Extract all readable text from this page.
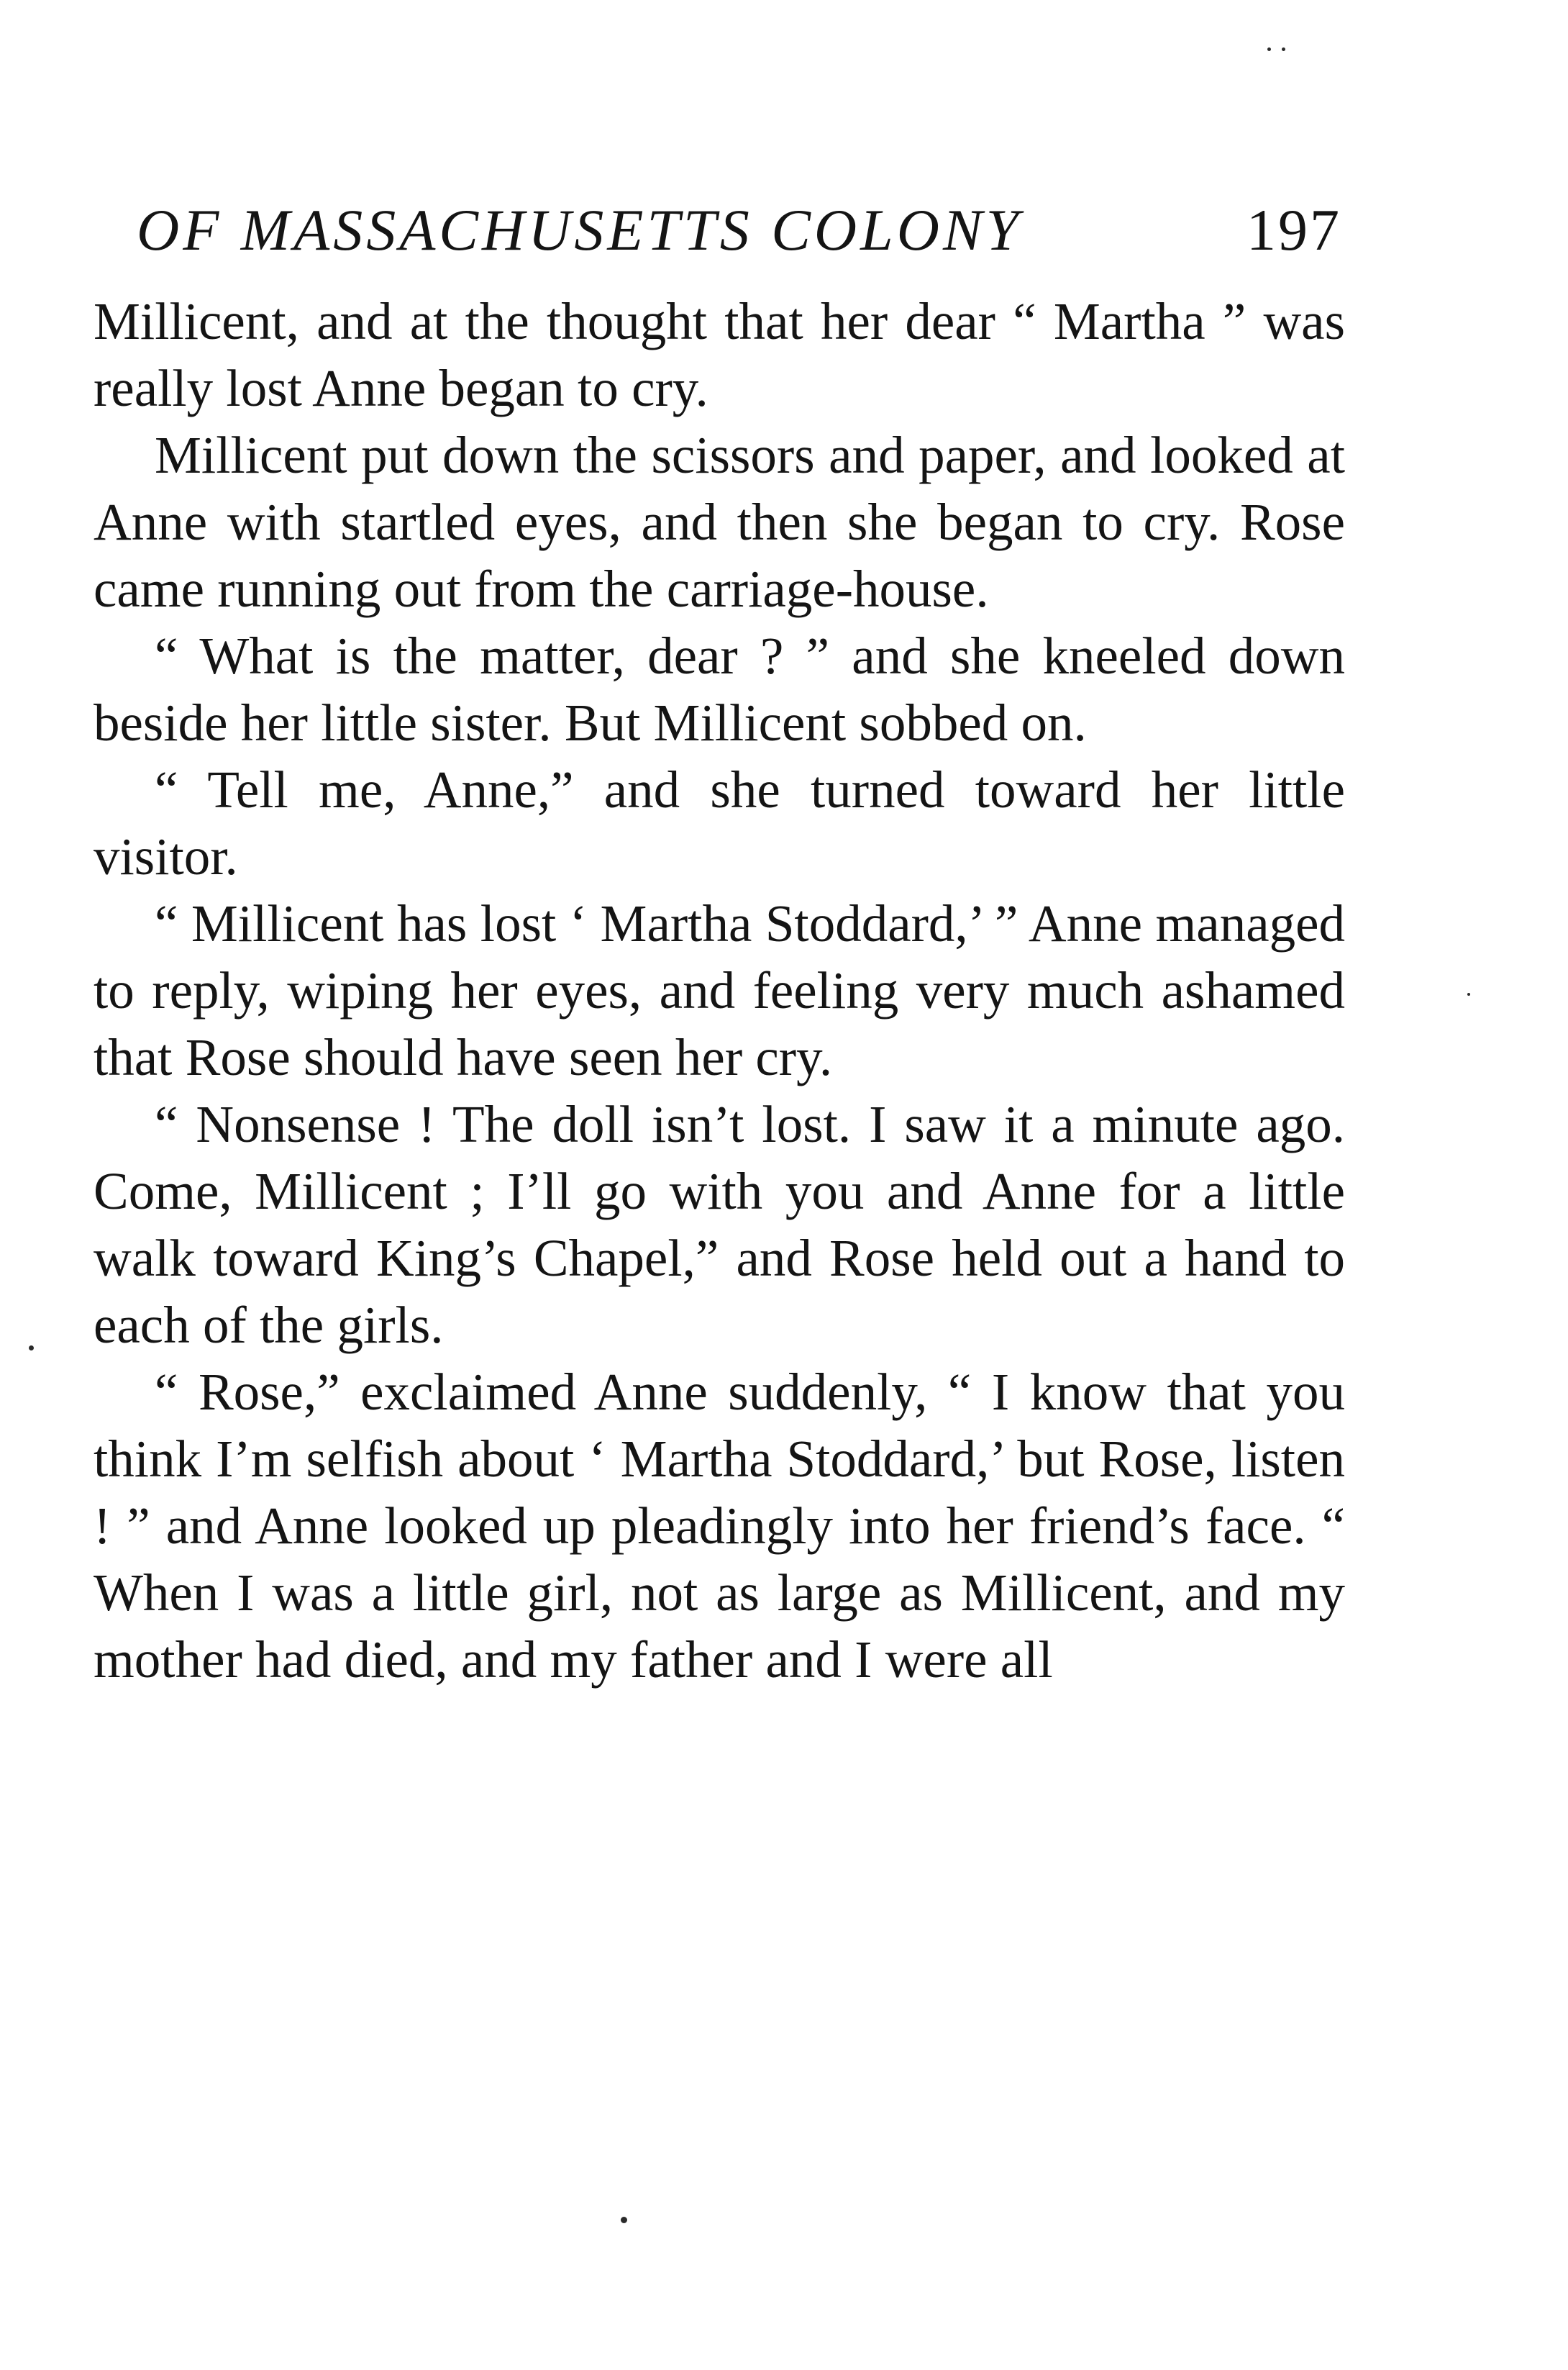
OF MASSACHUSETTS COLONY	197

Millicent, and at the thought that her dear “ Martha ” was really lost Anne began to cry.

Millicent put down the scissors and paper, and looked at Anne with startled eyes, and then she began to cry. Rose came running out from the carriage-house.

“ What is the matter, dear ? ” and she kneeled down beside her little sister. But Millicent sobbed on.

“ Tell me, Anne,” and she turned toward her little visitor.

“ Millicent has lost ‘ Martha Stoddard,’ ” Anne managed to reply, wiping her eyes, and feeling very much ashamed that Rose should have seen her cry.

“ Nonsense ! The doll isn’t lost. I saw it a minute ago. Come, Millicent ; I’ll go with you and Anne for a little walk toward King’s Chapel,” and Rose held out a hand to each of the girls.

“ Rose,” exclaimed Anne suddenly, “ I know that you think I’m selfish about ‘ Martha Stoddard,’ but Rose, listen ! ” and Anne looked up pleadingly into her friend’s face. “ When I was a little girl, not as large as Millicent, and my mother had died, and my father and I were all
